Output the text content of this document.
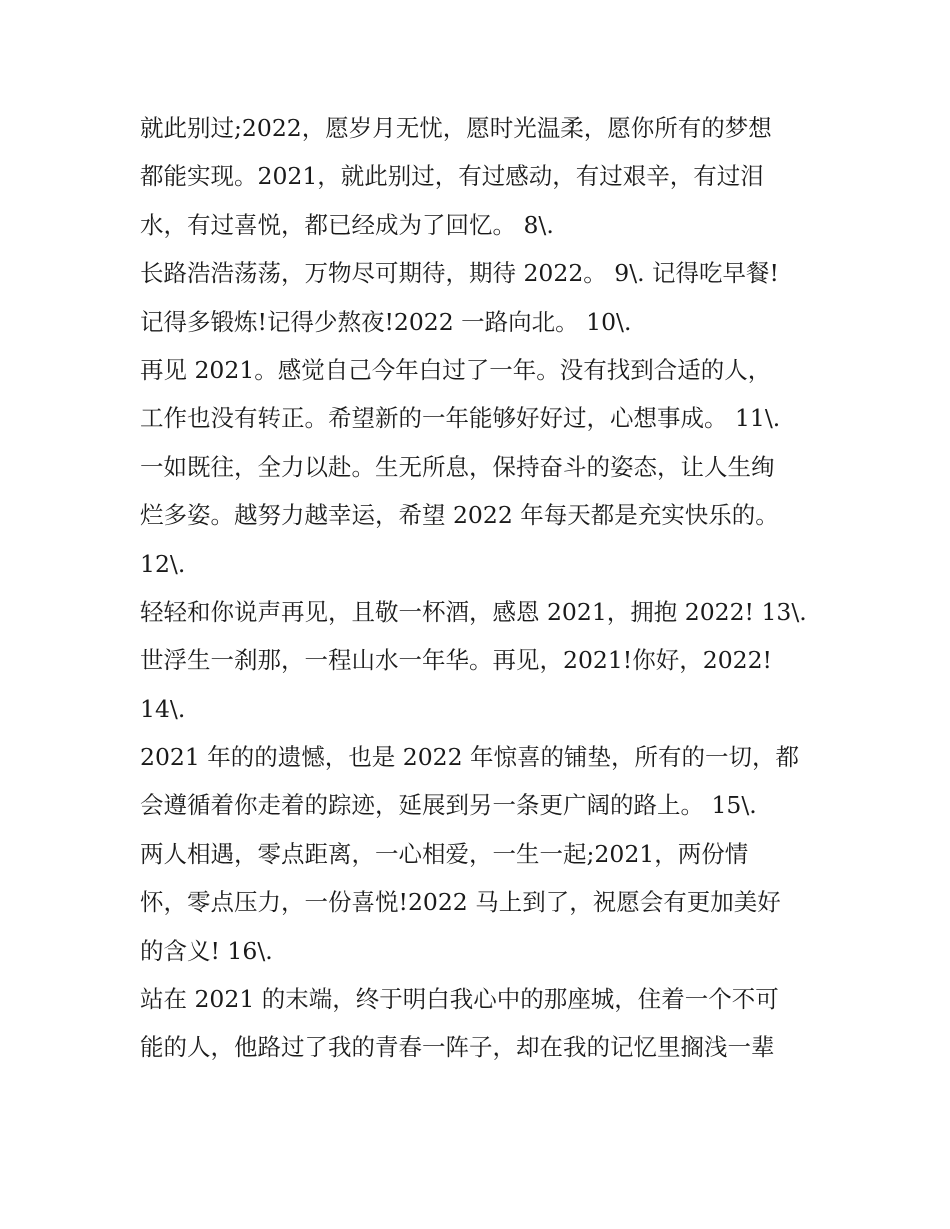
就此别过;2022，愿岁月无忧，愿时光温柔，愿你所有的梦想
都能实现。2021，就此别过，有过感动，有过艰辛，有过泪
水，有过喜悦，都已经成为了回忆。 8\.
长路浩浩荡荡，万物尽可期待，期待 2022。 9\. 记得吃早餐!
记得多锻炼!记得少熬夜!2022 一路向北。 10\.
再见 2021。感觉自己今年白过了一年。没有找到合适的人，
工作也没有转正。希望新的一年能够好好过，心想事成。 11\.
一如既往，全力以赴。生无所息，保持奋斗的姿态，让人生绚
烂多姿。越努力越幸运，希望 2022 年每天都是充实快乐的。
12\.
轻轻和你说声再见，且敬一杯酒，感恩 2021，拥抱 2022! 13\.
世浮生一刹那，一程山水一年华。再见，2021!你好，2022!
14\.
2021 年的的遗憾，也是 2022 年惊喜的铺垫，所有的一切，都
会遵循着你走着的踪迹，延展到另一条更广阔的路上。 15\.
两人相遇，零点距离，一心相爱，一生一起;2021，两份情
怀，零点压力，一份喜悦!2022 马上到了，祝愿会有更加美好
的含义! 16\.
站在 2021 的末端，终于明白我心中的那座城，住着一个不可
能的人，他路过了我的青春一阵子，却在我的记忆里搁浅一辈
